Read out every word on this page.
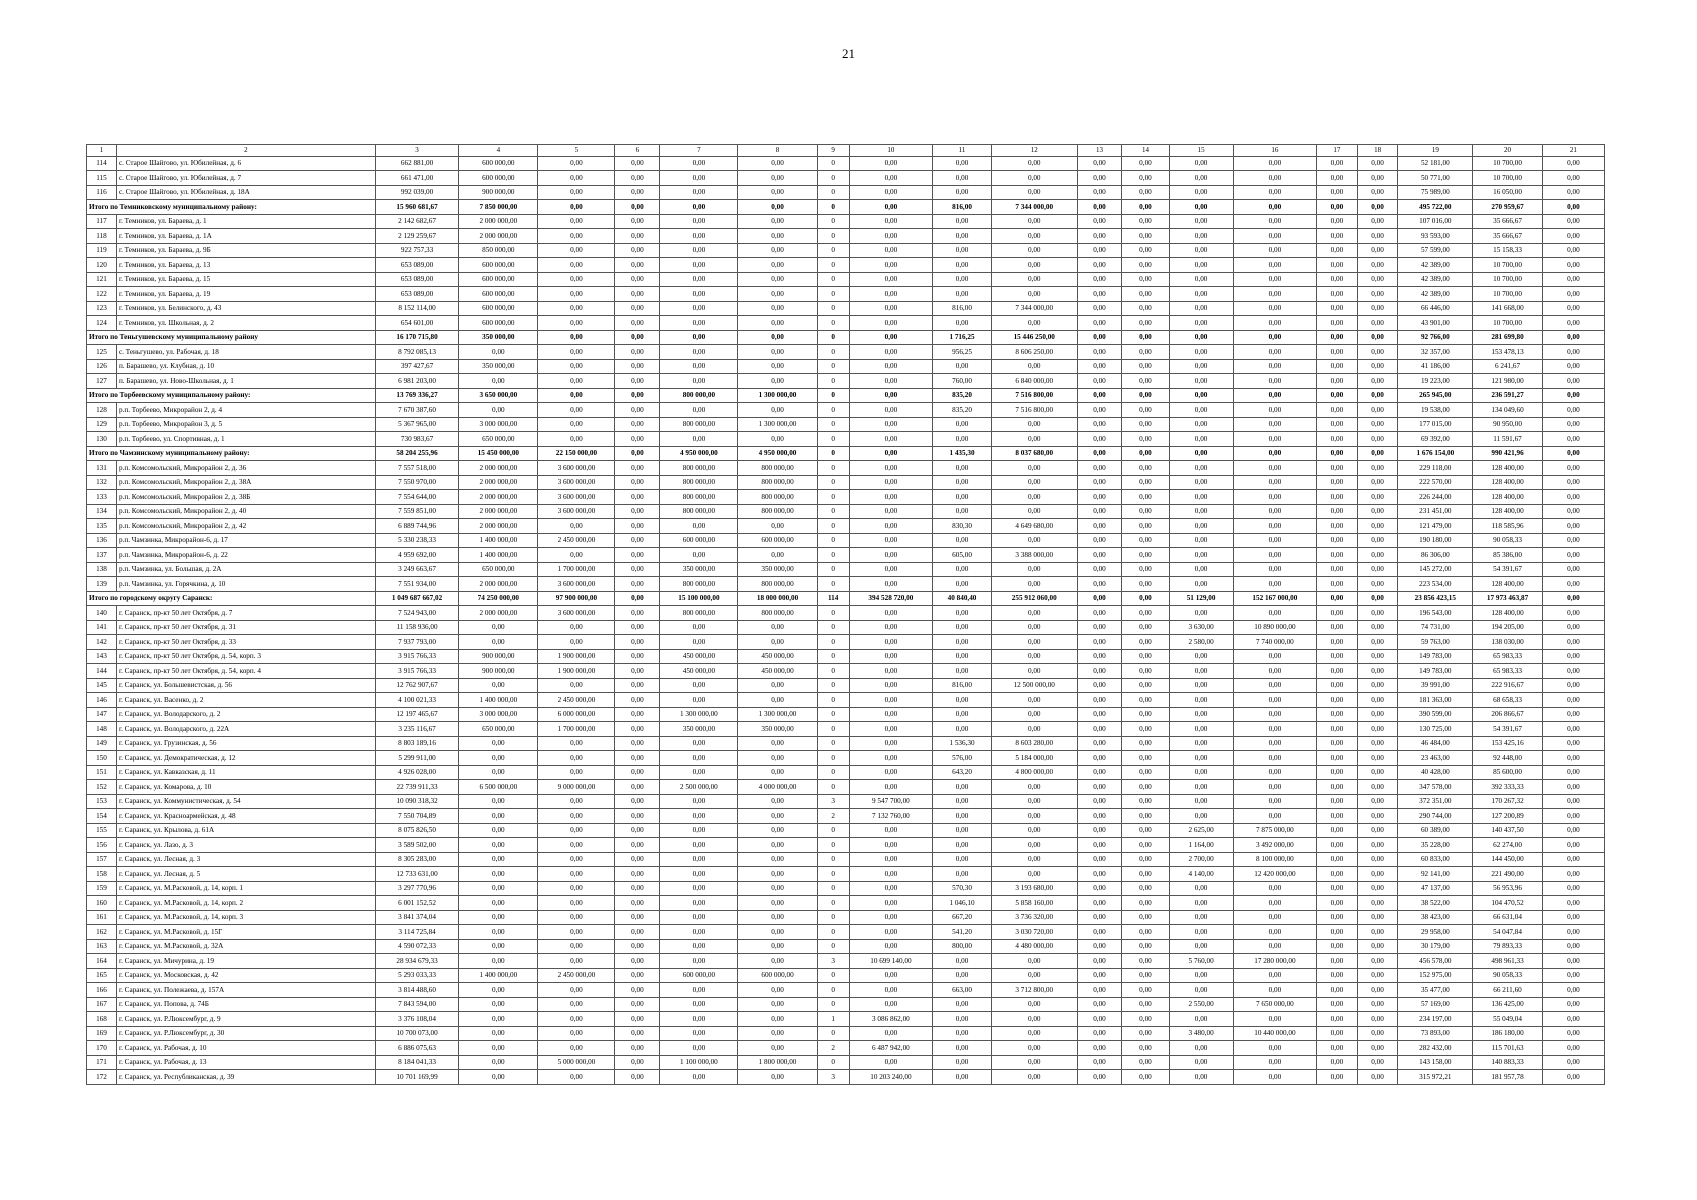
21
1	2	3	4	5	6	7	8	9	10	11	12	13	14	15	16	17	18	19	20	21
114	с. Старое Шайгово, ул. Юбилейная, д. 6	662 881,00	600 000,00	0,00	0,00	0,00	0,00	0	0,00	0,00	0,00	0,00	0,00	0,00	0,00	0,00	0,00	52 181,00	10 700,00	0,00
115	с. Старое Шайгово, ул. Юбилейная, д. 7	661 471,00	600 000,00	0,00	0,00	0,00	0,00	0	0,00	0,00	0,00	0,00	0,00	0,00	0,00	0,00	0,00	50 771,00	10 700,00	0,00
116	с. Старое Шайгово, ул. Юбилейная, д. 18А	992 039,00	900 000,00	0,00	0,00	0,00	0,00	0	0,00	0,00	0,00	0,00	0,00	0,00	0,00	0,00	0,00	75 989,00	16 050,00	0,00
Итого по Темниковскому муниципальному району:		15 960 681,67	7 850 000,00	0,00	0,00	0,00	0,00	0	0,00	816,00	7 344 000,00	0,00	0,00	0,00	0,00	0,00	0,00	495 722,00	270 959,67	0,00
117	г. Темников, ул. Бараева, д. 1	2 142 682,67	2 000 000,00	0,00	0,00	0,00	0,00	0	0,00	0,00	0,00	0,00	0,00	0,00	0,00	0,00	0,00	107 016,00	35 666,67	0,00
118	г. Темников, ул. Бараева, д. 1А	2 129 259,67	2 000 000,00	0,00	0,00	0,00	0,00	0	0,00	0,00	0,00	0,00	0,00	0,00	0,00	0,00	0,00	93 593,00	35 666,67	0,00
119	г. Темников, ул. Бараева, д. 9Б	922 757,33	850 000,00	0,00	0,00	0,00	0,00	0	0,00	0,00	0,00	0,00	0,00	0,00	0,00	0,00	0,00	57 599,00	15 158,33	0,00
120	г. Темников, ул. Бараева, д. 13	653 089,00	600 000,00	0,00	0,00	0,00	0,00	0	0,00	0,00	0,00	0,00	0,00	0,00	0,00	0,00	0,00	42 389,00	10 700,00	0,00
121	г. Темников, ул. Бараева, д. 15	653 089,00	600 000,00	0,00	0,00	0,00	0,00	0	0,00	0,00	0,00	0,00	0,00	0,00	0,00	0,00	0,00	42 389,00	10 700,00	0,00
122	г. Темников, ул. Бараева, д. 19	653 089,00	600 000,00	0,00	0,00	0,00	0,00	0	0,00	0,00	0,00	0,00	0,00	0,00	0,00	0,00	0,00	42 389,00	10 700,00	0,00
123	г. Темников, ул. Белинского, д. 43	8 152 114,00	600 000,00	0,00	0,00	0,00	0,00	0	0,00	816,00	7 344 000,00	0,00	0,00	0,00	0,00	0,00	0,00	66 446,00	141 668,00	0,00
124	г. Темников, ул. Школьная, д. 2	654 601,00	600 000,00	0,00	0,00	0,00	0,00	0	0,00	0,00	0,00	0,00	0,00	0,00	0,00	0,00	0,00	43 901,00	10 700,00	0,00
Итого по Теньгушевскому муниципальному району		16 170 715,80	350 000,00	0,00	0,00	0,00	0,00	0	0,00	1 716,25	15 446 250,00	0,00	0,00	0,00	0,00	0,00	0,00	92 766,00	281 699,80	0,00
125	с. Теньгушево, ул. Рабочая, д. 18	8 792 085,13	0,00	0,00	0,00	0,00	0,00	0	0,00	956,25	8 606 250,00	0,00	0,00	0,00	0,00	0,00	0,00	32 357,00	153 478,13	0,00
126	п. Барашево, ул. Клубная, д. 10	397 427,67	350 000,00	0,00	0,00	0,00	0,00	0	0,00	0,00	0,00	0,00	0,00	0,00	0,00	0,00	0,00	41 186,00	6 241,67	0,00
127	п. Барашево, ул. Ново-Школьная, д. 1	6 981 203,00	0,00	0,00	0,00	0,00	0,00	0	0,00	760,00	6 840 000,00	0,00	0,00	0,00	0,00	0,00	0,00	19 223,00	121 980,00	0,00
Итого по Торбеевскому муниципальному району:		13 769 336,27	3 650 000,00	0,00	0,00	800 000,00	1 300 000,00	0	0,00	835,20	7 516 800,00	0,00	0,00	0,00	0,00	0,00	0,00	265 945,00	236 591,27	0,00
128	р.п. Торбеево, Микрорайон 2, д. 4	7 670 387,60	0,00	0,00	0,00	0,00	0,00	0	0,00	835,20	7 516 800,00	0,00	0,00	0,00	0,00	0,00	0,00	19 538,00	134 049,60	0,00
129	р.п. Торбеево, Микрорайон 3, д. 5	5 367 965,00	3 000 000,00	0,00	0,00	800 000,00	1 300 000,00	0	0,00	0,00	0,00	0,00	0,00	0,00	0,00	0,00	0,00	177 015,00	90 950,00	0,00
130	р.п. Торбеево, ул. Спортивная, д. 1	730 983,67	650 000,00	0,00	0,00	0,00	0,00	0	0,00	0,00	0,00	0,00	0,00	0,00	0,00	0,00	0,00	69 392,00	11 591,67	0,00
Итого по Чамзинскому муниципальному району:		58 204 255,96	15 450 000,00	22 150 000,00	0,00	4 950 000,00	4 950 000,00	0	0,00	1 435,30	8 037 680,00	0,00	0,00	0,00	0,00	0,00	0,00	1 676 154,00	990 421,96	0,00
131	р.п. Комсомольский, Микрорайон 2, д. 36	7 557 518,00	2 000 000,00	3 600 000,00	0,00	800 000,00	800 000,00	0	0,00	0,00	0,00	0,00	0,00	0,00	0,00	0,00	0,00	229 118,00	128 400,00	0,00
132	р.п. Комсомольский, Микрорайон 2, д. 38А	7 550 970,00	2 000 000,00	3 600 000,00	0,00	800 000,00	800 000,00	0	0,00	0,00	0,00	0,00	0,00	0,00	0,00	0,00	0,00	222 570,00	128 400,00	0,00
133	р.п. Комсомольский, Микрорайон 2, д. 38Б	7 554 644,00	2 000 000,00	3 600 000,00	0,00	800 000,00	800 000,00	0	0,00	0,00	0,00	0,00	0,00	0,00	0,00	0,00	0,00	226 244,00	128 400,00	0,00
134	р.п. Комсомольский, Микрорайон 2, д. 40	7 559 851,00	2 000 000,00	3 600 000,00	0,00	800 000,00	800 000,00	0	0,00	0,00	0,00	0,00	0,00	0,00	0,00	0,00	0,00	231 451,00	128 400,00	0,00
135	р.п. Комсомольский, Микрорайон 2, д. 42	6 889 744,96	2 000 000,00	0,00	0,00	0,00	0,00	0	0,00	830,30	4 649 680,00	0,00	0,00	0,00	0,00	0,00	0,00	121 479,00	118 585,96	0,00
136	р.п. Чамзинка, Микрорайон-6, д. 17	5 330 238,33	1 400 000,00	2 450 000,00	0,00	600 000,00	600 000,00	0	0,00	0,00	0,00	0,00	0,00	0,00	0,00	0,00	0,00	190 180,00	90 058,33	0,00
137	р.п. Чамзинка, Микрорайон-6, д. 22	4 959 692,00	1 400 000,00	0,00	0,00	0,00	0,00	0	0,00	605,00	3 388 000,00	0,00	0,00	0,00	0,00	0,00	0,00	86 306,00	85 386,00	0,00
138	р.п. Чамзинка, ул. Большая, д. 2А	3 249 663,67	650 000,00	1 700 000,00	0,00	350 000,00	350 000,00	0	0,00	0,00	0,00	0,00	0,00	0,00	0,00	0,00	0,00	145 272,00	54 391,67	0,00
139	р.п. Чамзинка, ул. Горячкина, д. 10	7 551 934,00	2 000 000,00	3 600 000,00	0,00	800 000,00	800 000,00	0	0,00	0,00	0,00	0,00	0,00	0,00	0,00	0,00	0,00	223 534,00	128 400,00	0,00
Итого по городскому округу Саранск:		1 049 687 667,02	74 250 000,00	97 900 000,00	0,00	15 100 000,00	18 000 000,00	114	394 528 720,00	40 840,40	255 912 060,00	0,00	0,00	51 129,00	152 167 000,00	0,00	0,00	23 856 423,15	17 973 463,87	0,00
140	г. Саранск, пр-кт 50 лет Октября, д. 7	7 524 943,00	2 000 000,00	3 600 000,00	0,00	800 000,00	800 000,00	0	0,00	0,00	0,00	0,00	0,00	0,00	0,00	0,00	0,00	196 543,00	128 400,00	0,00
141	г. Саранск, пр-кт 50 лет Октября, д. 31	11 158 936,00	0,00	0,00	0,00	0,00	0,00	0	0,00	0,00	0,00	0,00	0,00	3 630,00	10 890 000,00	0,00	0,00	74 731,00	194 205,00	0,00
142	г. Саранск, пр-кт 50 лет Октября, д. 33	7 937 793,00	0,00	0,00	0,00	0,00	0,00	0	0,00	0,00	0,00	0,00	0,00	2 580,00	7 740 000,00	0,00	0,00	59 763,00	138 030,00	0,00
143	г. Саранск, пр-кт 50 лет Октября, д. 54, корп. 3	3 915 766,33	900 000,00	1 900 000,00	0,00	450 000,00	450 000,00	0	0,00	0,00	0,00	0,00	0,00	0,00	0,00	0,00	0,00	149 783,00	65 983,33	0,00
144	г. Саранск, пр-кт 50 лет Октября, д. 54, корп. 4	3 915 766,33	900 000,00	1 900 000,00	0,00	450 000,00	450 000,00	0	0,00	0,00	0,00	0,00	0,00	0,00	0,00	0,00	0,00	149 783,00	65 983,33	0,00
145	г. Саранск, ул. Большевистская, д. 56	12 762 907,67	0,00	0,00	0,00	0,00	0,00	0	0,00	816,00	12 500 000,00	0,00	0,00	0,00	0,00	0,00	0,00	39 991,00	222 916,67	0,00
146	г. Саранск, ул. Васенко, д. 2	4 100 021,33	1 400 000,00	2 450 000,00	0,00	0,00	0,00	0	0,00	0,00	0,00	0,00	0,00	0,00	0,00	0,00	0,00	181 363,00	68 658,33	0,00
147	г. Саранск, ул. Володарского, д. 2	12 197 465,67	3 000 000,00	6 000 000,00	0,00	1 300 000,00	1 300 000,00	0	0,00	0,00	0,00	0,00	0,00	0,00	0,00	0,00	0,00	390 599,00	206 866,67	0,00
148	г. Саранск, ул. Володарского, д. 22А	3 235 116,67	650 000,00	1 700 000,00	0,00	350 000,00	350 000,00	0	0,00	0,00	0,00	0,00	0,00	0,00	0,00	0,00	0,00	130 725,00	54 391,67	0,00
149	г. Саранск, ул. Грузинская, д. 56	8 803 189,16	0,00	0,00	0,00	0,00	0,00	0	0,00	1 536,30	8 603 280,00	0,00	0,00	0,00	0,00	0,00	0,00	46 484,00	153 425,16	0,00
150	г. Саранск, ул. Демократическая, д. 12	5 299 911,00	0,00	0,00	0,00	0,00	0,00	0	0,00	576,00	5 184 000,00	0,00	0,00	0,00	0,00	0,00	0,00	23 463,00	92 448,00	0,00
151	г. Саранск, ул. Кавказская, д. 11	4 926 028,00	0,00	0,00	0,00	0,00	0,00	0	0,00	643,20	4 800 000,00	0,00	0,00	0,00	0,00	0,00	0,00	40 428,00	85 600,00	0,00
152	г. Саранск, ул. Комарова, д. 10	22 739 911,33	6 500 000,00	9 000 000,00	0,00	2 500 000,00	4 000 000,00	0	0,00	0,00	0,00	0,00	0,00	0,00	0,00	0,00	0,00	347 578,00	392 333,33	0,00
153	г. Саранск, ул. Коммунистическая, д. 54	10 090 318,32	0,00	0,00	0,00	0,00	0,00	3	9 547 700,00	0,00	0,00	0,00	0,00	0,00	0,00	0,00	0,00	372 351,00	170 267,32	0,00
154	г. Саранск, ул. Красноармейская, д. 48	7 550 704,89	0,00	0,00	0,00	0,00	0,00	2	7 132 760,00	0,00	0,00	0,00	0,00	0,00	0,00	0,00	0,00	290 744,00	127 200,89	0,00
155	г. Саранск, ул. Крылова, д. 61А	8 075 826,50	0,00	0,00	0,00	0,00	0,00	0	0,00	0,00	0,00	0,00	0,00	2 625,00	7 875 000,00	0,00	0,00	60 389,00	140 437,50	0,00
156	г. Саранск, ул. Лазо, д. 3	3 589 502,00	0,00	0,00	0,00	0,00	0,00	0	0,00	0,00	0,00	0,00	0,00	1 164,00	3 492 000,00	0,00	0,00	35 228,00	62 274,00	0,00
157	г. Саранск, ул. Лесная, д. 3	8 305 283,00	0,00	0,00	0,00	0,00	0,00	0	0,00	0,00	0,00	0,00	0,00	2 700,00	8 100 000,00	0,00	0,00	60 833,00	144 450,00	0,00
158	г. Саранск, ул. Лесная, д. 5	12 733 631,00	0,00	0,00	0,00	0,00	0,00	0	0,00	0,00	0,00	0,00	0,00	4 140,00	12 420 000,00	0,00	0,00	92 141,00	221 490,00	0,00
159	г. Саранск, ул. М.Расковой, д. 14, корп. 1	3 297 770,96	0,00	0,00	0,00	0,00	0,00	0	0,00	570,30	3 193 680,00	0,00	0,00	0,00	0,00	0,00	0,00	47 137,00	56 953,96	0,00
160	г. Саранск, ул. М.Расковой, д. 14, корп. 2	6 001 152,52	0,00	0,00	0,00	0,00	0,00	0	0,00	1 046,10	5 858 160,00	0,00	0,00	0,00	0,00	0,00	0,00	38 522,00	104 470,52	0,00
161	г. Саранск, ул. М.Расковой, д. 14, корп. 3	3 841 374,04	0,00	0,00	0,00	0,00	0,00	0	0,00	667,20	3 736 320,00	0,00	0,00	0,00	0,00	0,00	0,00	38 423,00	66 631,04	0,00
162	г. Саранск, ул. М.Расковой, д. 15Г	3 114 725,84	0,00	0,00	0,00	0,00	0,00	0	0,00	541,20	3 030 720,00	0,00	0,00	0,00	0,00	0,00	0,00	29 958,00	54 047,84	0,00
163	г. Саранск, ул. М.Расковой, д. 32А	4 590 072,33	0,00	0,00	0,00	0,00	0,00	0	0,00	800,00	4 480 000,00	0,00	0,00	0,00	0,00	0,00	0,00	30 179,00	79 893,33	0,00
164	г. Саранск, ул. Мичурина, д. 19	28 934 679,33	0,00	0,00	0,00	0,00	0,00	3	10 699 140,00	0,00	0,00	0,00	0,00	5 760,00	17 280 000,00	0,00	0,00	456 578,00	498 961,33	0,00
165	г. Саранск, ул. Московская, д. 42	5 293 033,33	1 400 000,00	2 450 000,00	0,00	600 000,00	600 000,00	0	0,00	0,00	0,00	0,00	0,00	0,00	0,00	0,00	0,00	152 975,00	90 058,33	0,00
166	г. Саранск, ул. Полежаева, д. 157А	3 814 488,60	0,00	0,00	0,00	0,00	0,00	0	0,00	663,00	3 712 800,00	0,00	0,00	0,00	0,00	0,00	0,00	35 477,00	66 211,60	0,00
167	г. Саранск, ул. Попова, д. 74Б	7 843 594,00	0,00	0,00	0,00	0,00	0,00	0	0,00	0,00	0,00	0,00	0,00	2 550,00	7 650 000,00	0,00	0,00	57 169,00	136 425,00	0,00
168	г. Саранск, ул. Р.Люксембург, д. 9	3 376 108,04	0,00	0,00	0,00	0,00	0,00	1	3 086 862,00	0,00	0,00	0,00	0,00	0,00	0,00	0,00	0,00	234 197,00	55 049,04	0,00
169	г. Саранск, ул. Р.Люксембург, д. 30	10 700 073,00	0,00	0,00	0,00	0,00	0,00	0	0,00	0,00	0,00	0,00	0,00	3 480,00	10 440 000,00	0,00	0,00	73 893,00	186 180,00	0,00
170	г. Саранск, ул. Рабочая, д. 10	6 886 075,63	0,00	0,00	0,00	0,00	0,00	2	6 487 942,00	0,00	0,00	0,00	0,00	0,00	0,00	0,00	0,00	282 432,00	115 701,63	0,00
171	г. Саранск, ул. Рабочая, д. 13	8 184 041,33	0,00	5 000 000,00	0,00	1 100 000,00	1 800 000,00	0	0,00	0,00	0,00	0,00	0,00	0,00	0,00	0,00	0,00	143 158,00	140 883,33	0,00
172	г. Саранск, ул. Республиканская, д. 39	10 701 169,99	0,00	0,00	0,00	0,00	0,00	3	10 203 240,00	0,00	0,00	0,00	0,00	0,00	0,00	0,00	0,00	315 972,21	181 957,78	0,00
